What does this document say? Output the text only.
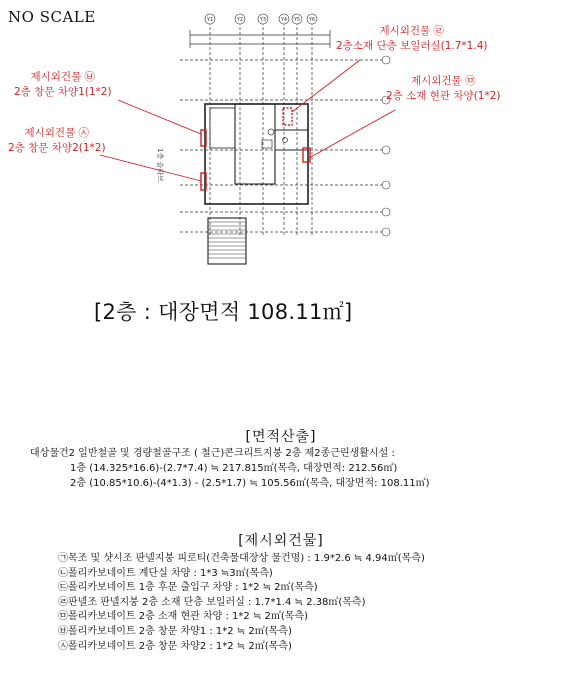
NO SCALE	Y1	Y2	Y3	Y4 Y5 Y6
1층 슬라브
제시외건물 ㉣
2층소재 단층 보일러실(1.7*1.4)
제시외건물 ㉥
2층 창문 차양1(1*2)
제시외건물 ㉤
2층 소재 현관 차양(1*2)
제시외건물 ㉦
2층 창문 차양2(1*2)
[2층 : 대장면적 108.11㎡]
[면적산출]
대상물건2 일반철골 및 경량철골구조 ( 철근)콘크리트지붕 2층 제2종근린생활시설 :
1층 (14.325*16.6)-(2.7*7.4) ≒ 217.815㎡(목측, 대장면적: 212.56㎡)
2층 (10.85*10.6)-(4*1.3) - (2.5*1.7) ≒ 105.56㎡(목측, 대장면적: 108.11㎡)
[제시외건물]
㉠목조 및 샷시조 판넬지붕 피로티(건축물대장상 물건명) : 1.9*2.6 ≒ 4.94㎡(목측)
㉡폴리카보네이트 계단실 차양 : 1*3 ≒3㎡(목측)
㉢폴리카보네이트 1층 후문 출입구 차양 : 1*2 ≒ 2㎡(목측)
㉣판넬조 판넬지붕 2층 소재 단층 보일러실 : 1.7*1.4 ≒ 2.38㎡(목측)
㉤폴리카보네이트 2층 소재 현관 차양 : 1*2 ≒ 2㎡(목측)
㉥폴리카보네이트 2층 창문 차양1 : 1*2 ≒ 2㎡(목측)
㉦폴리카보네이트 2층 창문 차양2 : 1*2 ≒ 2㎡(목측)
